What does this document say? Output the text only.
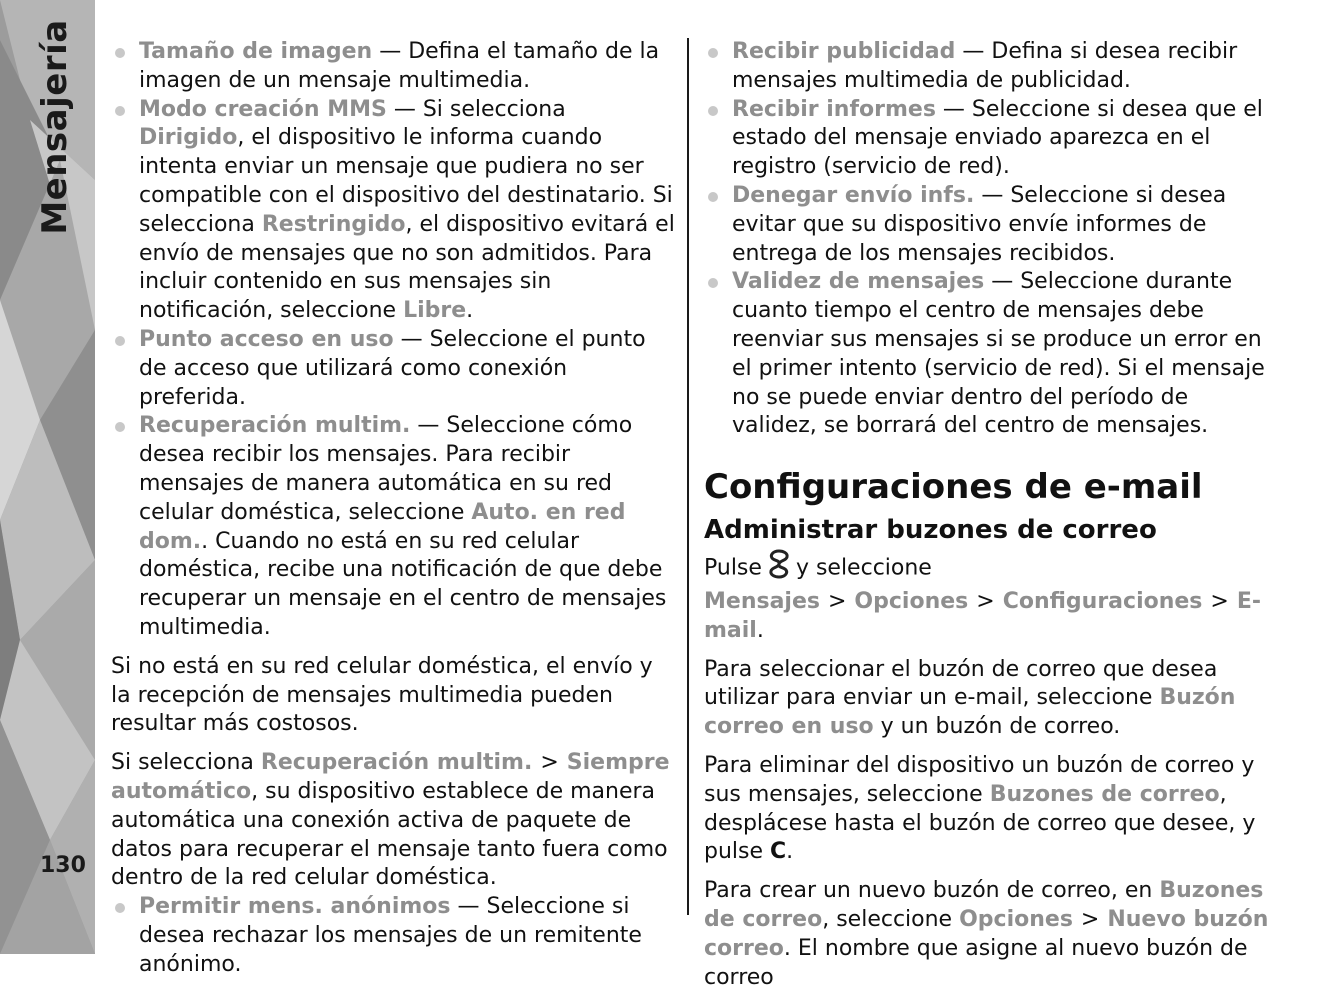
Mensajería
130
Tamaño de imagen — Defina el tamaño de la imagen de un mensaje multimedia.
Modo creación MMS — Si selecciona Dirigido, el dispositivo le informa cuando intenta enviar un mensaje que pudiera no ser compatible con el dispositivo del destinatario. Si selecciona Restringido, el dispositivo evitará el envío de mensajes que no son admitidos. Para incluir contenido en sus mensajes sin notificación, seleccione Libre.
Punto acceso en uso — Seleccione el punto de acceso que utilizará como conexión preferida.
Recuperación multim. — Seleccione cómo desea recibir los mensajes. Para recibir mensajes de manera automática en su red celular doméstica, seleccione Auto. en red dom.. Cuando no está en su red celular doméstica, recibe una notificación de que debe recuperar un mensaje en el centro de mensajes multimedia.

Si no está en su red celular doméstica, el envío y la recepción de mensajes multimedia pueden resultar más costosos.

Si selecciona Recuperación multim. > Siempre automático, su dispositivo establece de manera automática una conexión activa de paquete de datos para recuperar el mensaje tanto fuera como dentro de la red celular doméstica.

Permitir mens. anónimos — Seleccione si desea rechazar los mensajes de un remitente anónimo.
Recibir publicidad — Defina si desea recibir mensajes multimedia de publicidad.
Recibir informes — Seleccione si desea que el estado del mensaje enviado aparezca en el registro (servicio de red).
Denegar envío infs. — Seleccione si desea evitar que su dispositivo envíe informes de entrega de los mensajes recibidos.
Validez de mensajes — Seleccione durante cuanto tiempo el centro de mensajes debe reenviar sus mensajes si se produce un error en el primer intento (servicio de red). Si el mensaje no se puede enviar dentro del período de validez, se borrará del centro de mensajes.
Configuraciones de e-mail
Administrar buzones de correo

Pulse y seleccione Mensajes > Opciones > Configuraciones > E-mail.

Para seleccionar el buzón de correo que desea utilizar para enviar un e-mail, seleccione Buzón correo en uso y un buzón de correo.

Para eliminar del dispositivo un buzón de correo y sus mensajes, seleccione Buzones de correo, desplácese hasta el buzón de correo que desee, y pulse C.

Para crear un nuevo buzón de correo, en Buzones de correo, seleccione Opciones > Nuevo buzón correo. El nombre que asigne al nuevo buzón de correo
